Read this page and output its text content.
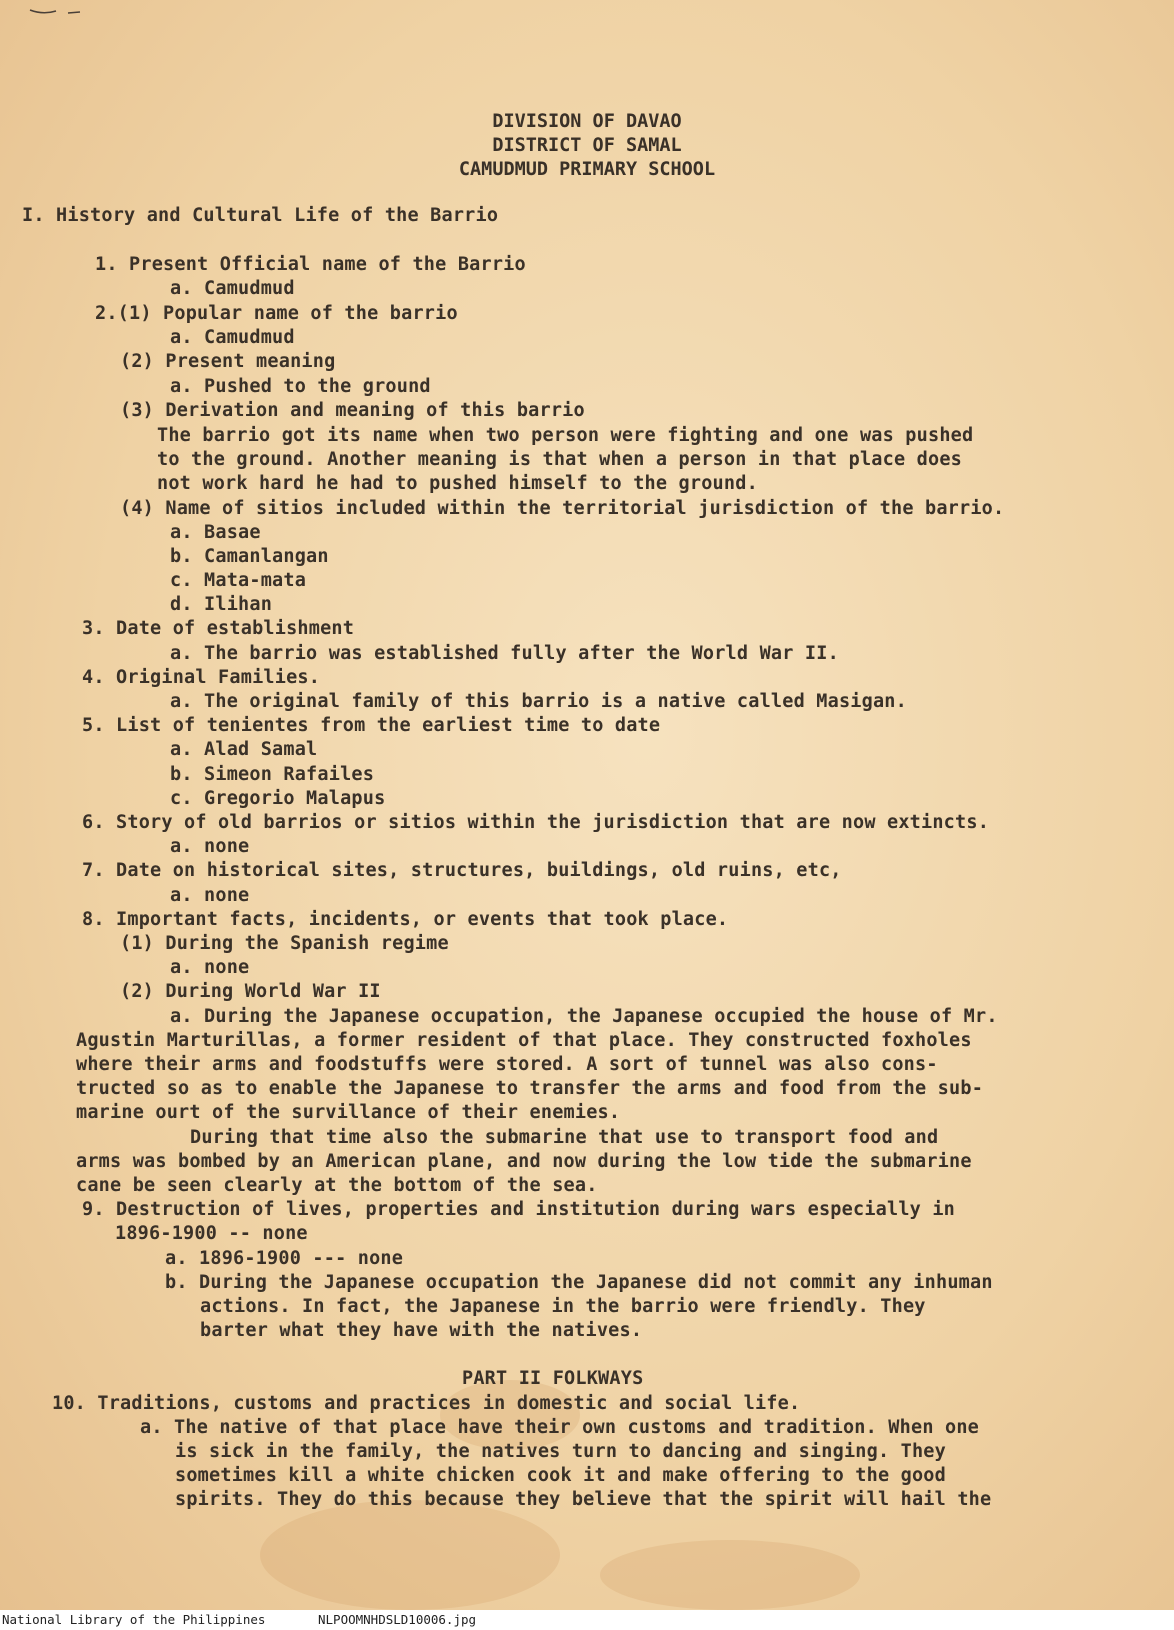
DIVISION OF DAVAO
DISTRICT OF SAMAL
CAMUDMUD PRIMARY SCHOOL
I. History and Cultural Life of the Barrio
1. Present Official name of the Barrio
a. Camudmud
2.(1) Popular name of the barrio
a. Camudmud
(2) Present meaning
a. Pushed to the ground
(3) Derivation and meaning of this barrio
The barrio got its name when two person were fighting and one was pushed
to the ground. Another meaning is that when a person in that place does
not work hard he had to pushed himself to the ground.
(4) Name of sitios included within the territorial jurisdiction of the barrio.
a. Basae
b. Camanlangan
c. Mata-mata
d. Ilihan
3. Date of establishment
a. The barrio was established fully after the World War II.
4. Original Families.
a. The original family of this barrio is a native called Masigan.
5. List of tenientes from the earliest time to date
a. Alad Samal
b. Simeon Rafailes
c. Gregorio Malapus
6. Story of old barrios or sitios within the jurisdiction that are now extincts.
a. none
7. Date on historical sites, structures, buildings, old ruins, etc,
a. none
8. Important facts, incidents, or events that took place.
(1) During the Spanish regime
a. none
(2) During World War II
a. During the Japanese occupation, the Japanese occupied the house of Mr.
Agustin Marturillas, a former resident of that place. They constructed foxholes
where their arms and foodstuffs were stored. A sort of tunnel was also cons-
tructed so as to enable the Japanese to transfer the arms and food from the sub-
marine ourt of the survillance of their enemies.
During that time also the submarine that use to transport food and
arms was bombed by an American plane, and now during the low tide the submarine
cane be seen clearly at the bottom of the sea.
9. Destruction of lives, properties and institution during wars especially in
1896-1900 -- none
a. 1896-1900 --- none
b. During the Japanese occupation the Japanese did not commit any inhuman
actions. In fact, the Japanese in the barrio were friendly. They
barter what they have with the natives.
PART II FOLKWAYS
10. Traditions, customs and practices in domestic and social life.
a. The native of that place have their own customs and tradition. When one
is sick in the family, the natives turn to dancing and singing. They
sometimes kill a white chicken cook it and make offering to the good
spirits. They do this because they believe that the spirit will hail the
National Library of the Philippines	NLPOOMNHDSLD10006.jpg
